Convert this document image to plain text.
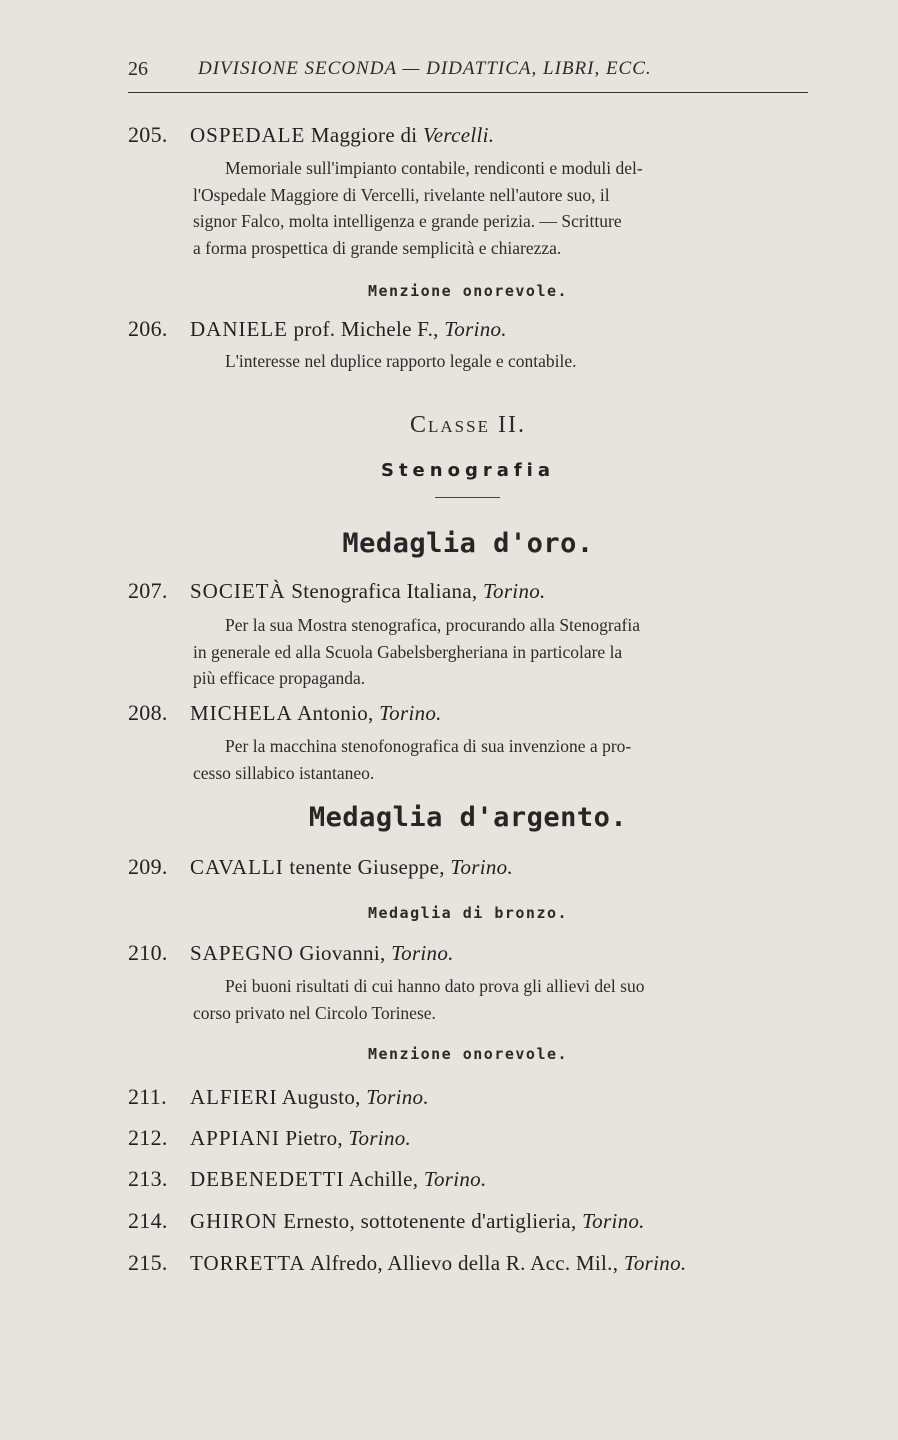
26	DIVISIONE SECONDA — DIDATTICA, LIBRI, ECC.
205. OSPEDALE Maggiore di Vercelli.
Memoriale sull'impianto contabile, rendiconti e moduli del-
l'Ospedale Maggiore di Vercelli, rivelante nell'autore suo, il
signor Falco, molta intelligenza e grande perizia. — Scritture
a forma prospettica di grande semplicità e chiarezza.
Menzione onorevole.
206. DANIELE prof. Michele F., Torino.
L'interesse nel duplice rapporto legale e contabile.
Classe II.
Stenografia
Medaglia d'oro.
207. SOCIETÀ Stenografica Italiana, Torino.
Per la sua Mostra stenografica, procurando alla Stenografia
in generale ed alla Scuola Gabelsbergheriana in particolare la
più efficace propaganda.
208. MICHELA Antonio, Torino.
Per la macchina stenofonografica di sua invenzione a pro-
cesso sillabico istantaneo.
Medaglia d'argento.
209. CAVALLI tenente Giuseppe, Torino.
Medaglia di bronzo.
210. SAPEGNO Giovanni, Torino.
Pei buoni risultati di cui hanno dato prova gli allievi del suo
corso privato nel Circolo Torinese.
Menzione onorevole.
211. ALFIERI Augusto, Torino.
212. APPIANI Pietro, Torino.
213. DEBENEDETTI Achille, Torino.
214. GHIRON Ernesto, sottotenente d'artiglieria, Torino.
215. TORRETTA Alfredo, Allievo della R. Acc. Mil., Torino.
